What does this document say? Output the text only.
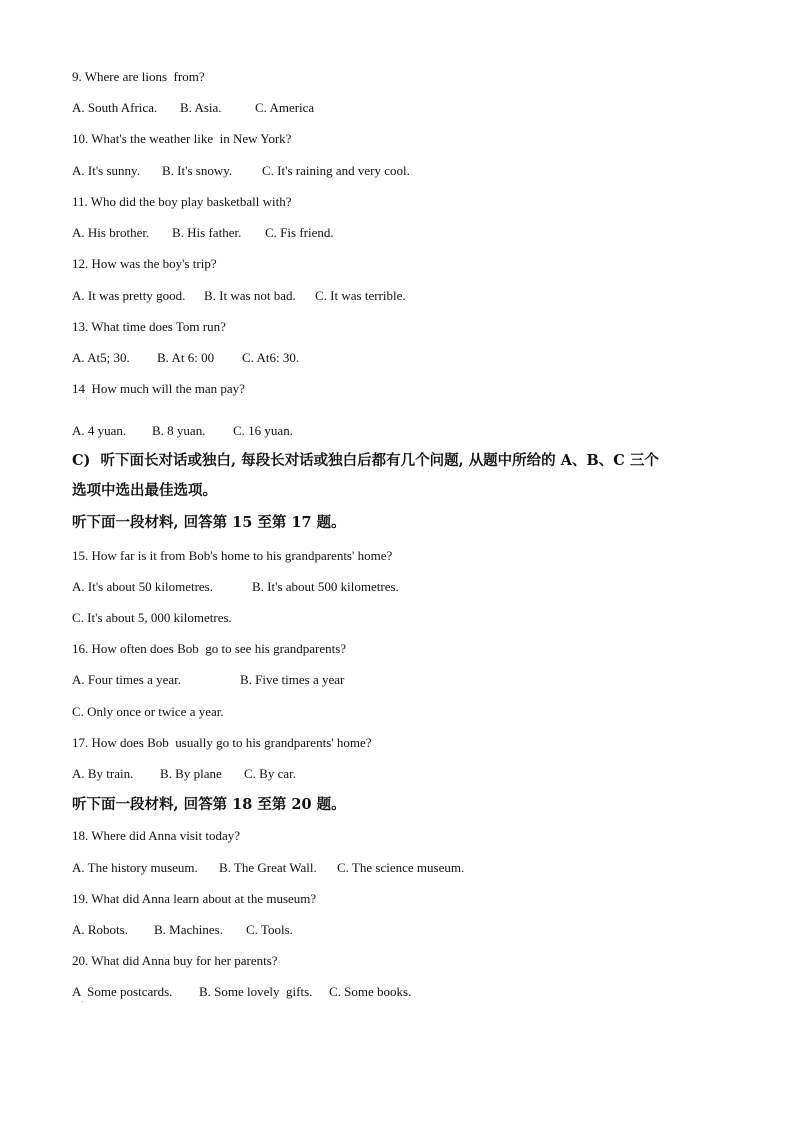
9. Where are lions  from?

A. South Africa.

B. Asia.

	C. America

10. What's the weather like  in New York?

A. It's sunny.

B. It's snowy.

C. It's raining and very cool.

11. Who did the boy play basketball with?

A. His brother.

B. His father.

C. Fis friend.

12. How was the boy's trip?

A. It was pretty good.

B. It was not bad.

C. It was terrible.

13. What time does Tom run?

A. At5; 30.

B. At 6: 00

C. At6: 30.

14  How much will the man pay?
'

A. 4 yuan.

B. 8 yuan.

C. 16 yuan.

C)  听下面长对话或独白, 每段长对话或独白后都有几个问题, 从题中所给的 A、B、C 三个
选项中选出最佳选项。
听下面一段材料, 回答第 15 至第 17 题。
15. How far is it from Bob's home to his grandparents' home?

A. It's about 50 kilometres.

	B. It's about 500 kilometres.

C. It's about 5, 000 kilometres.
16. How often does Bob  go to see his grandparents?

A. Four times a year.

	B. Five times a year

C. Only once or twice a year.
17. How does Bob  usually go to his grandparents' home?

A. By train.

B. By plane

C. By car.

听下面一段材料, 回答第 18 至第 20 题。
18. Where did Anna visit today?

A. The history museum.

B. The Great Wall.

C. The science museum.

19. What did Anna learn about at the museum?

A. Robots.

B. Machines.

C. Tools.

20. What did Anna buy for her parents?

A  Some postcards.

B. Some lovely  gifts.

C. Some books.

'
